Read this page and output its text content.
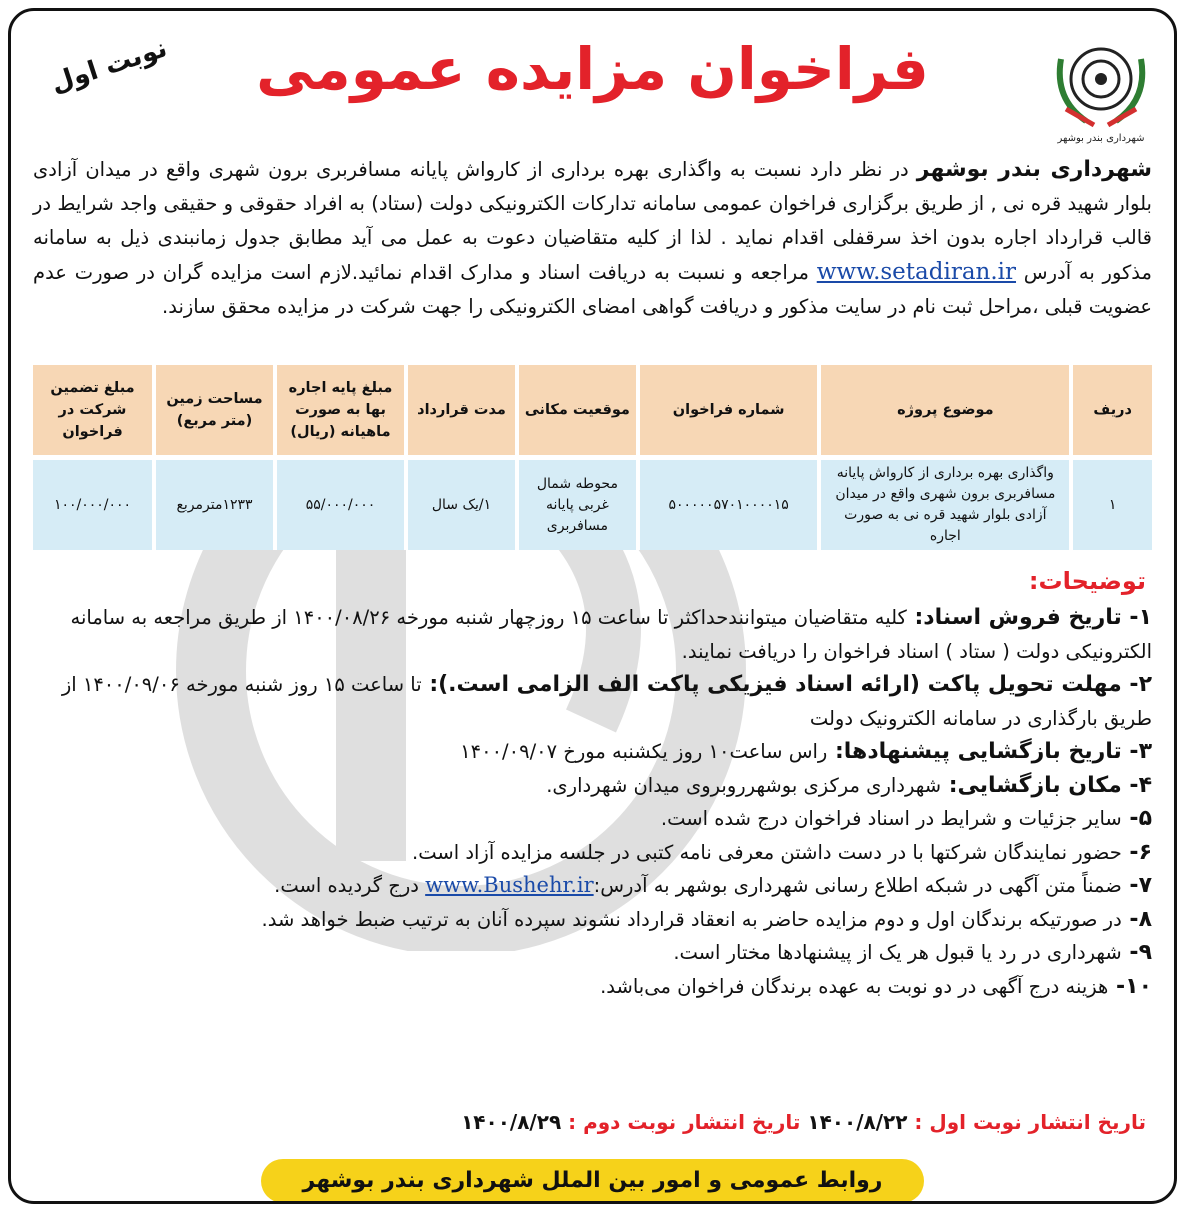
شهرداری بندر بوشهر
فراخوان مزایده عمومی
نوبت اول
شهرداری بندر بوشهر در نظر دارد نسبت به واگذاری بهره برداری از کارواش پایانه مسافربری برون شهری واقع در میدان آزادی بلوار شهید قره نی , از طریق برگزاری فراخوان عمومی سامانه تدارکات الکترونیکی دولت (ستاد) به افراد حقوقی و حقیقی واجد شرایط در قالب قرارداد اجاره بدون اخذ سرقفلی اقدام نماید . لذا از کلیه متقاضیان دعوت به عمل می آید مطابق جدول زمانبندی ذیل به سامانه مذکور به آدرس www.setadiran.ir مراجعه و نسبت به دریافت اسناد و مدارک اقدام نمائید.لازم است مزایده گران در صورت عدم عضویت قبلی ،مراحل ثبت نام در سایت مذکور و دریافت گواهی امضای الکترونیکی را جهت شرکت در مزایده محقق سازند.
دریف	موضوع پروژه	شماره فراخوان	موقعیت مکانی	مدت قرارداد	مبلغ پایه اجاره بها به صورت ماهیانه (ریال)	مساحت زمین (متر مربع)	مبلغ تضمین شرکت در فراخوان
۱	واگذاری بهره برداری از کارواش پایانه مسافربری برون شهری واقع در میدان آزادی بلوار شهید قره نی به صورت اجاره	۵۰۰۰۰۰۵۷۰۱۰۰۰۰۱۵	محوطه شمال غربی پایانه مسافربری	۱/یک سال	۵۵/۰۰۰/۰۰۰	۱۲۳۳مترمربع	۱۰۰/۰۰۰/۰۰۰
توضیحات:

۱- تاریخ فروش اسناد: کلیه متقاضیان میتوانندحداکثر تا ساعت ۱۵ روزچهار شنبه مورخه ۱۴۰۰/۰۸/۲۶ از طریق مراجعه به سامانه الکترونیکی دولت ( ستاد ) اسناد فراخوان را دریافت نمایند.

۲- مهلت تحویل پاکت (ارائه اسناد فیزیکی پاکت الف الزامی است.): تا ساعت ۱۵ روز شنبه مورخه ۱۴۰۰/۰۹/۰۶ از طریق بارگذاری در سامانه الکترونیک دولت

۳- تاریخ بازگشایی پیشنهادها: راس ساعت۱۰ روز یکشنبه مورخ ۱۴۰۰/۰۹/۰۷

۴- مکان بازگشایی: شهرداری مرکزی بوشهرروبروی میدان شهرداری.

۵- سایر جزئیات و شرایط در اسناد فراخوان درج شده است.

۶- حضور نمایندگان شرکتها با در دست داشتن معرفی نامه کتبی در جلسه مزایده آزاد است.

۷- ضمناً متن آگهی در شبکه اطلاع رسانی شهرداری بوشهر به آدرس:www.Bushehr.ir درج گردیده است.

۸- در صورتیکه برندگان اول و دوم مزایده حاضر به انعقاد قرارداد نشوند سپرده آنان به ترتیب ضبط خواهد شد.

۹- شهرداری در رد یا قبول هر یک از پیشنهادها مختار است.

۱۰- هزینه درج آگهی در دو نوبت به عهده برندگان فراخوان می‌باشد.

تاریخ انتشار نوبت اول : ۱۴۰۰/۸/۲۲ تاریخ انتشار نوبت دوم : ۱۴۰۰/۸/۲۹
روابط عمومی و امور بین الملل شهرداری بندر بوشهر
